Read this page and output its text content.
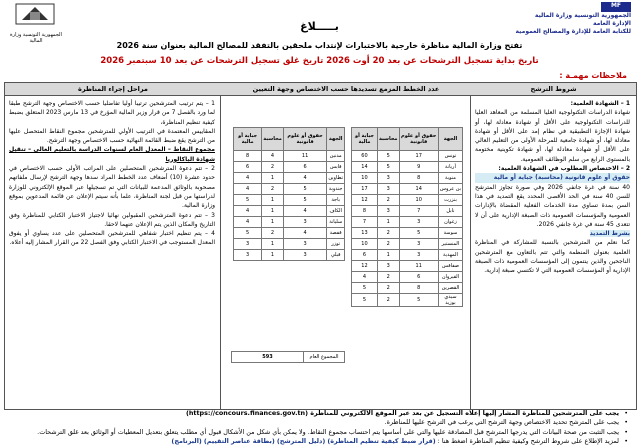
الجمهورية التونسية وزارة المالية
MF
الجمهورية التونسية وزارة المالية
الإدارة العامة
للكتابة العامة للإدارة والمصالح العمومية
بـــــلاغ
تفتح وزارة المالية مناظرة خارجية بالاختبارات لإنتداب ملحقين بالتفقد للمصالح المالية بعنوان سنة 2026
تاريخ بداية تسجيل الترشحات عن بعد 20 أوت 2026 تاريخ غلق تسجيل الترشحات عن بعد 10 سبتمبر 2026
ملاحظات مهمـة :
شروط الترشح
1 – الشهادة العلمية:
شهادة الدراسات التكنولوجية العليا المسلمة من المعاهد العليا للدراسات التكنولوجية على الأقل أو شهادة معادلة لها، أو شهادة الإجازة التطبيقية في نظام إمد على الأقل أو شهادة معادلة لها، أو شهادة جامعية للمرحلة الأولى من التعليم العالي على الأقل أو شهادة معادلة لها، أو شهادة تكوينية مختومة بالمستوى الرابع من سلم الوظائف العمومية.
2 – الاختصاص المطلوب في الشهادة العلمية:
حقوق أو علوم قانونية (محاسبة) جباية أو مالية
40 سنة في غرة جانفي 2026 وفي صورة تجاوز المترشح للسن 40 سنة في الحد الأقصى المحدد يقع التمديد في هذا السن بمدة تساوي مدة الخدمات الفعلية المقضاة بالإدارات العمومية والمؤسسات العمومية ذات الصبغة الإدارية على أن لا تتعدى 45 سنة في غرة جانفي 2026.
بشرط التمديد
كما نعلم من المترشحين بالنسبة للمشاركة في المناظرة العلمية بعنوان المنظمة والتي تتم بالتعاون مع المترشحين الناجحين والذين ينتمون إلى المؤسسات العمومية ذات الصبغة الإدارية أو المؤسسات العمومية التي لا تكتسي صبغة إدارية.
عدد الخطط المزمع تسديدها حسب الاختصاص وجهة التعيين
الجهة	حقوق أو علوم قانونية	محاسبة	جباية أو مالية
تونس	17	5	60
أريانة	9	5	14
منوبة	8	3	10
بن عروس	14	3	17
بنزرت	10	2	12
نابل	7	3	8
زغوان	3	1	7
سوسة	5	2	13
المنستير	3	2	10
المهدية	3	1	6
صفاقس	11	3	12
القيروان	6	2	4
القصرين	8	2	5
سيدي بوزيد	5	2	5
الجهة	حقوق أو علوم قانونية	محاسبة	جباية أو مالية
مدنين	11	4	8
قابس	6	2	6
تطاوين	4	1	4
جندوبة	5	2	4
باجة	5	1	5
الكاف	4	1	4
سليانة	3	1	4
قفصة	4	2	5
توزر	3	1	3
قبلي	3	1	3
المجموع العام
593
مراحل إجراء المناظرة
1 – يتم ترتيب المترشحين ترتيبا أوليا تفاضليا حسب الاختصاص وجهة الترشح طبقا لما ورد بالفصل 7 من قرار وزير المالية المؤرخ في 13 مارس 2023 المتعلق بضبط كيفية تنظيم المناظرة،
المقاييس المعتمدة في الترتيب الأولي للمترشحين مجموع النقاط المتحصل عليها من الترشح يقع ضبط القائمة النهائية حسب الاختصاص وجهة الترشح.
مجموع النقاط – المعدل العام لسنوات الدراسة بالتعليم العالي – تنقيل شهادة الباكالوريا
2 – تتم دعوة المترشحين المتحصلين على المراتب الأولى حسب الاختصاص في حدود عشرة (10) أضعاف عدد الخطط المراد سدها وجهة الترشح لإرسال ملفاتهم مصحوبة بالوثائق المدعمة للبيانات التي تم تسجيلها عبر الموقع الإلكتروني للوزارة لدراستها من قبل لجنة المناظرة، علما بأنه سيتم الإعلان عن قائمة المدعوين بموقع وزارة المالية.
3 – تتم دعوة المترشحين المقبولين نهائيا لاجتياز الاختبار الكتابي للمناظرة وفق التاريخ والمكان الذين يتم الإعلان عنهما لاحقا.
4 – يتم تنظيم اختبار شفاهي للمترشحين المتحصلين على عدد يساوي أو يفوق المعدل المستوجب في الاختبار الكتابي وفق الفصل 22 من القرار المشار إليه أعلاه.
• يجب على المترشحين للمناظرة المشار إليها إعلاه التسجيل عن بعد عبر الموقع الالكتروني للمناظرة (https://concours.finances.gov.tn)
• يجب على المترشح تحديد الاختصاص وجهة الترشح التي يرغب في الترشح عليها للمناظرة.
• يجب التثبت من صحة البيانات التي يدرجها المترشح قبل المصادقة عليها والتي على أساسها يتم احتساب مجموع النقاط. ولا يمكن بأي شكل من الأشكال قبول أي مطلب يتعلق بتعديل المعطيات أو الوثائق بعد غلق الترشحات.
• لمزيد الإطلاع على شروط الترشح وكيفية تنظيم المناظرة اضغط هنا : (قرار ضبط كيفية تنظيم المناظرة) (دليل المترشح) (بطاقة عناصر التقييم) (البرنامج)
